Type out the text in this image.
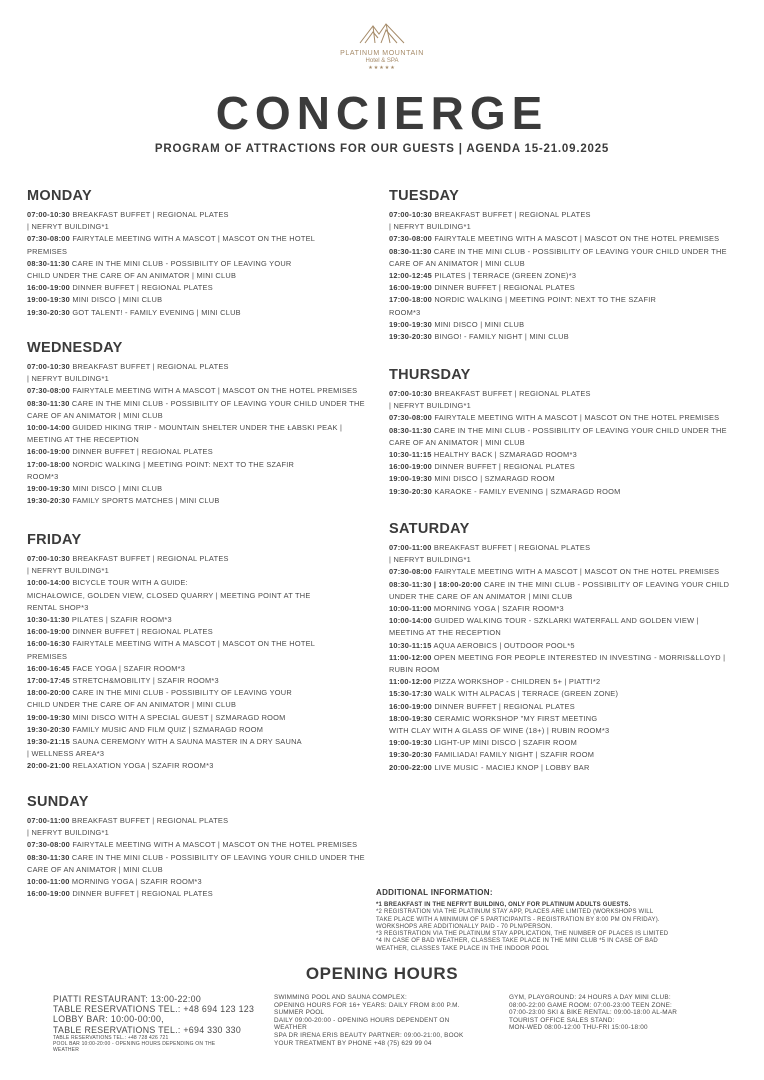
PLATINUM MOUNTAIN
Hotel & SPA
★★★★★
CONCIERGE
PROGRAM OF ATTRACTIONS FOR OUR GUESTS | AGENDA 15-21.09.2025
MONDAY
07:00-10:30 BREAKFAST BUFFET | REGIONAL PLATES
| NEFRYT BUILDING*1
07:30-08:00 FAIRYTALE MEETING WITH A MASCOT | MASCOT ON THE HOTEL
PREMISES
08:30-11:30 CARE IN THE MINI CLUB - POSSIBILITY OF LEAVING YOUR
CHILD UNDER THE CARE OF AN ANIMATOR | MINI CLUB
16:00-19:00 DINNER BUFFET | REGIONAL PLATES
19:00-19:30 MINI DISCO | MINI CLUB
19:30-20:30 GOT TALENT! - FAMILY EVENING | MINI CLUB
TUESDAY
07:00-10:30 BREAKFAST BUFFET | REGIONAL PLATES
| NEFRYT BUILDING*1
07:30-08:00 FAIRYTALE MEETING WITH A MASCOT | MASCOT ON THE HOTEL PREMISES
08:30-11:30 CARE IN THE MINI CLUB - POSSIBILITY OF LEAVING YOUR CHILD UNDER THE
CARE OF AN ANIMATOR | MINI CLUB
12:00-12:45 PILATES | TERRACE (GREEN ZONE)*3
16:00-19:00 DINNER BUFFET | REGIONAL PLATES
17:00-18:00 NORDIC WALKING | MEETING POINT: NEXT TO THE SZAFIR
ROOM*3
19:00-19:30 MINI DISCO | MINI CLUB
19:30-20:30 BINGO! - FAMILY NIGHT | MINI CLUB
WEDNESDAY
07:00-10:30 BREAKFAST BUFFET | REGIONAL PLATES
| NEFRYT BUILDING*1
07:30-08:00 FAIRYTALE MEETING WITH A MASCOT | MASCOT ON THE HOTEL PREMISES
08:30-11:30 CARE IN THE MINI CLUB - POSSIBILITY OF LEAVING YOUR CHILD UNDER THE
CARE OF AN ANIMATOR | MINI CLUB
10:00-14:00 GUIDED HIKING TRIP - MOUNTAIN SHELTER UNDER THE ŁABSKI PEAK |
MEETING AT THE RECEPTION
16:00-19:00 DINNER BUFFET | REGIONAL PLATES
17:00-18:00 NORDIC WALKING | MEETING POINT: NEXT TO THE SZAFIR
ROOM*3
19:00-19:30 MINI DISCO | MINI CLUB
19:30-20:30 FAMILY SPORTS MATCHES | MINI CLUB
THURSDAY
07:00-10:30 BREAKFAST BUFFET | REGIONAL PLATES
| NEFRYT BUILDING*1
07:30-08:00 FAIRYTALE MEETING WITH A MASCOT | MASCOT ON THE HOTEL PREMISES
08:30-11:30 CARE IN THE MINI CLUB - POSSIBILITY OF LEAVING YOUR CHILD UNDER THE
CARE OF AN ANIMATOR | MINI CLUB
10:30-11:15 HEALTHY BACK | SZMARAGD ROOM*3
16:00-19:00 DINNER BUFFET | REGIONAL PLATES
19:00-19:30 MINI DISCO | SZMARAGD ROOM
19:30-20:30 KARAOKE - FAMILY EVENING | SZMARAGD ROOM
FRIDAY
07:00-10:30 BREAKFAST BUFFET | REGIONAL PLATES
| NEFRYT BUILDING*1
10:00-14:00 BICYCLE TOUR WITH A GUIDE:
MICHAŁOWICE, GOLDEN VIEW, CLOSED QUARRY | MEETING POINT AT THE
RENTAL SHOP*3
10:30-11:30 PILATES | SZAFIR ROOM*3
16:00-19:00 DINNER BUFFET | REGIONAL PLATES
16:00-16:30 FAIRYTALE MEETING WITH A MASCOT | MASCOT ON THE HOTEL
PREMISES
16:00-16:45 FACE YOGA | SZAFIR ROOM*3
17:00-17:45 STRETCH&MOBILITY | SZAFIR ROOM*3
18:00-20:00 CARE IN THE MINI CLUB - POSSIBILITY OF LEAVING YOUR
CHILD UNDER THE CARE OF AN ANIMATOR | MINI CLUB
19:00-19:30 MINI DISCO WITH A SPECIAL GUEST | SZMARAGD ROOM
19:30-20:30 FAMILY MUSIC AND FILM QUIZ | SZMARAGD ROOM
19:30-21:15 SAUNA CEREMONY WITH A SAUNA MASTER IN A DRY SAUNA
| WELLNESS AREA*3
20:00-21:00 RELAXATION YOGA | SZAFIR ROOM*3
SATURDAY
07:00-11:00 BREAKFAST BUFFET | REGIONAL PLATES
| NEFRYT BUILDING*1
07:30-08:00 FAIRYTALE MEETING WITH A MASCOT | MASCOT ON THE HOTEL PREMISES
08:30-11:30 | 18:00-20:00 CARE IN THE MINI CLUB - POSSIBILITY OF LEAVING YOUR CHILD
UNDER THE CARE OF AN ANIMATOR | MINI CLUB
10:00-11:00 MORNING YOGA | SZAFIR ROOM*3
10:00-14:00 GUIDED WALKING TOUR - SZKLARKI WATERFALL AND GOLDEN VIEW |
MEETING AT THE RECEPTION
10:30-11:15 AQUA AEROBICS | OUTDOOR POOL*5
11:00-12:00 OPEN MEETING FOR PEOPLE INTERESTED IN INVESTING - MORRIS&LLOYD |
RUBIN ROOM
11:00-12:00 PIZZA WORKSHOP - CHILDREN 5+ | PIATTI*2
15:30-17:30 WALK WITH ALPACAS | TERRACE (GREEN ZONE)
16:00-19:00 DINNER BUFFET | REGIONAL PLATES
18:00-19:30 CERAMIC WORKSHOP "MY FIRST MEETING
WITH CLAY WITH A GLASS OF WINE (18+) | RUBIN ROOM*3
19:00-19:30 LIGHT-UP MINI DISCO | SZAFIR ROOM
19:30-20:30 FAMILIADA! FAMILY NIGHT | SZAFIR ROOM
20:00-22:00 LIVE MUSIC - MACIEJ KNOP | LOBBY BAR
SUNDAY
07:00-11:00 BREAKFAST BUFFET | REGIONAL PLATES
| NEFRYT BUILDING*1
07:30-08:00 FAIRYTALE MEETING WITH A MASCOT | MASCOT ON THE HOTEL PREMISES
08:30-11:30 CARE IN THE MINI CLUB - POSSIBILITY OF LEAVING YOUR CHILD UNDER THE
CARE OF AN ANIMATOR | MINI CLUB
10:00-11:00 MORNING YOGA | SZAFIR ROOM*3
16:00-19:00 DINNER BUFFET | REGIONAL PLATES	ADDITIONAL INFORMATION:
*1 BREAKFAST IN THE NEFRYT BUILDING, ONLY FOR PLATINUM ADULTS GUESTS.
*2 REGISTRATION VIA THE PLATINUM STAY APP, PLACES ARE LIMITED (WORKSHOPS WILL
TAKE PLACE WITH A MINIMUM OF 5 PARTICIPANTS - REGISTRATION BY 8:00 PM ON FRIDAY).
WORKSHOPS ARE ADDITIONALLY PAID - 70 PLN/PERSON.
*3 REGISTRATION VIA THE PLATINUM STAY APPLICATION, THE NUMBER OF PLACES IS LIMITED
*4 IN CASE OF BAD WEATHER, CLASSES TAKE PLACE IN THE MINI CLUB *5 IN CASE OF BAD
WEATHER, CLASSES TAKE PLACE IN THE INDOOR POOL
OPENING HOURS
PIATTI RESTAURANT: 13:00-22:00
TABLE RESERVATIONS TEL.: +48 694 123 123
LOBBY BAR: 10:00-00:00,
TABLE RESERVATIONS TEL.: +694 330 330
TABLE RESERVATIONS TEL.: +48 728 426 721
POOL BAR 10:00-20:00 - OPENING HOURS DEPENDING ON THE
WEATHER
SWIMMING POOL AND SAUNA COMPLEX:
OPENING HOURS FOR 16+ YEARS: DAILY FROM 8:00 P.M.
SUMMER POOL
DAILY 09:00-20:00 - OPENING HOURS DEPENDENT ON
WEATHER
SPA DR IRENA ERIS BEAUTY PARTNER: 09:00-21:00, BOOK
YOUR TREATMENT BY PHONE +48 (75) 629 99 04
GYM, PLAYGROUND: 24 HOURS A DAY MINI CLUB:
08:00-22:00 GAME ROOM: 07:00-23:00 TEEN ZONE:
07:00-23:00 SKI & BIKE RENTAL: 09:00-18:00 AL-MAR
TOURIST OFFICE SALES STAND:
MON-WED 08:00-12:00 THU-FRI 15:00-18:00
